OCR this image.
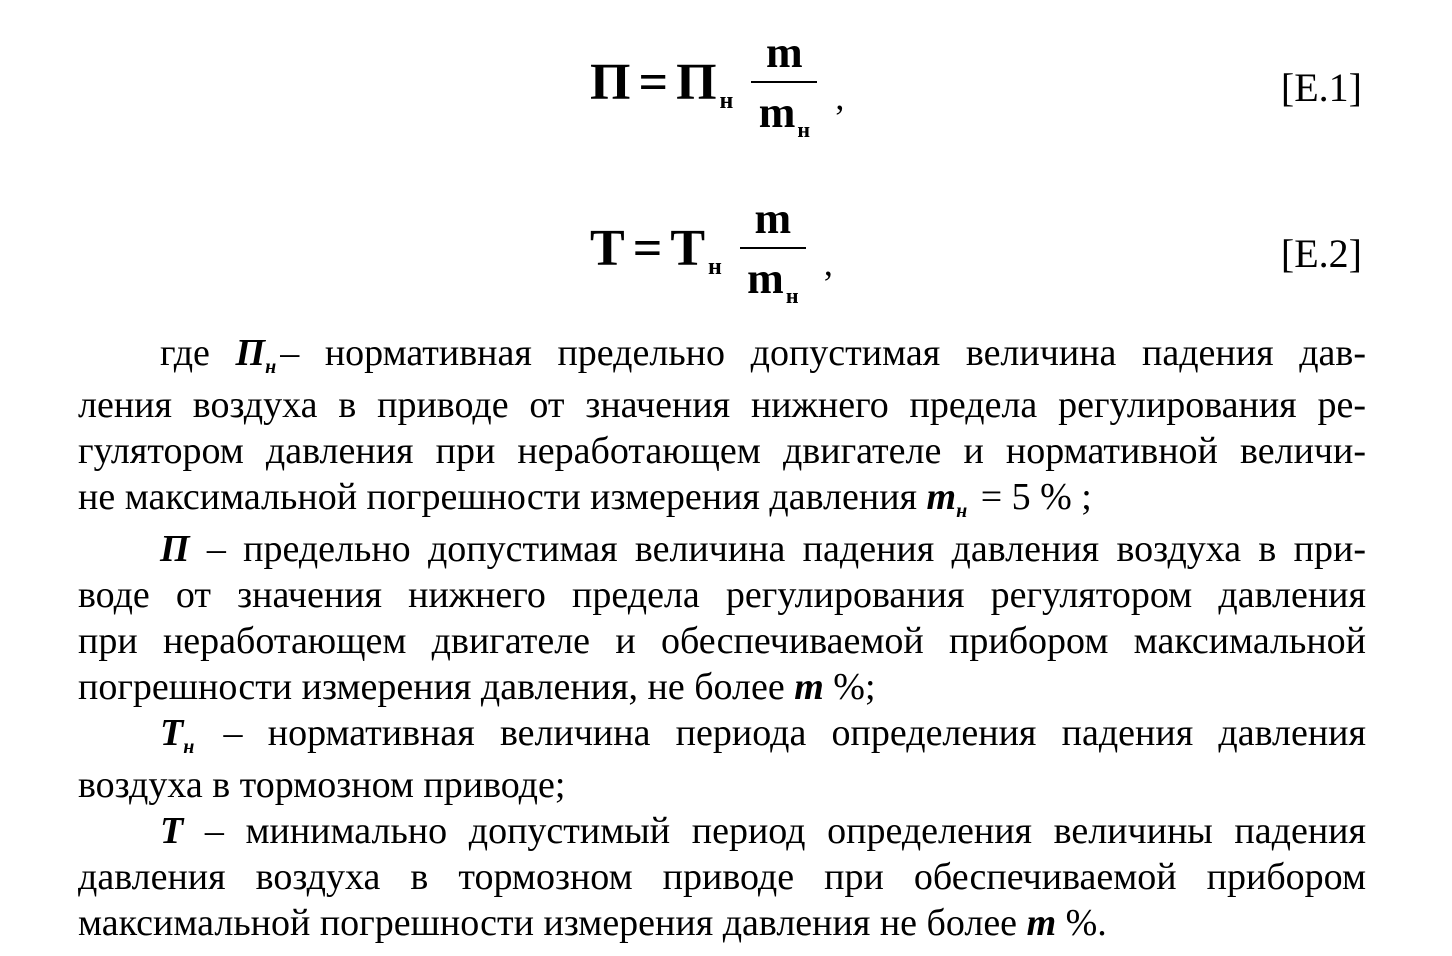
П = П н $\frac{m}{m_н}$ ,	[Е.1]
Т = Т н $\frac{m}{m_н}$ ,	[Е.2]

где $П_н$ – нормативная предельно допустимая величина падения дав-
ления воздуха в приводе от значения нижнего предела регулирования ре-
гулятором давления при неработающем двигателе и нормативной величи-
не максимальной погрешности измерения давления $m_н = 5$ % ;

П – предельно допустимая величина падения давления воздуха в при-
воде от значения нижнего предела регулирования регулятором давления
при неработающем двигателе и обеспечиваемой прибором максимальной
погрешности измерения давления, не более m %;

$Т_н$ – нормативная величина периода определения падения давления
воздуха в тормозном приводе;

Т – минимально допустимый период определения величины падения
давления воздуха в тормозном приводе при обеспечиваемой прибором
максимальной погрешности измерения давления не более m %.
